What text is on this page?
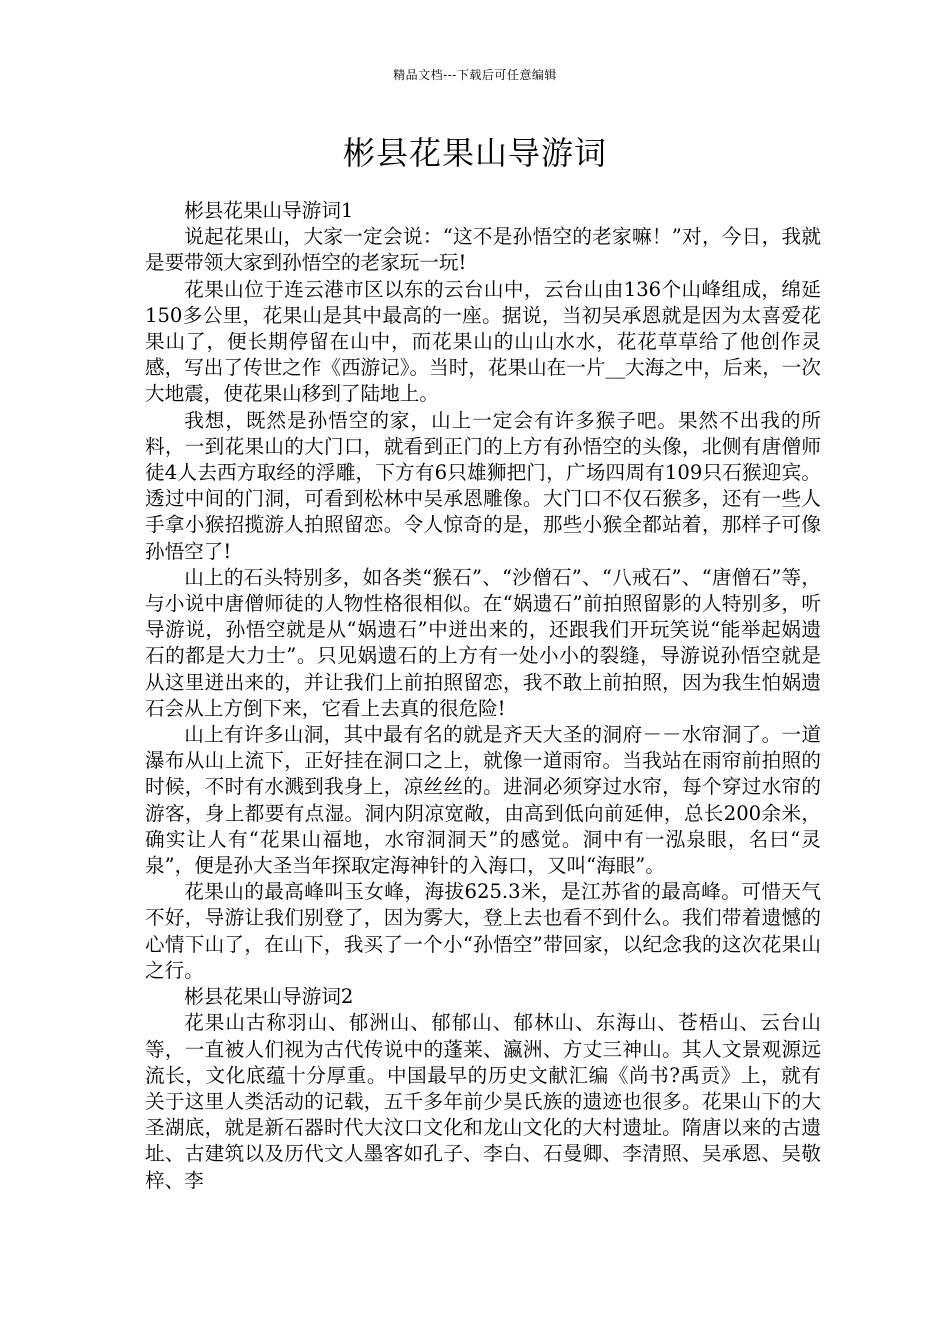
精品文档---下载后可任意编辑
彬县花果山导游词

彬县花果山导游词1

说起花果山，大家一定会说：“这不是孙悟空的老家嘛！”对，今日，我就是要带领大家到孙悟空的老家玩一玩!

花果山位于连云港市区以东的云台山中，云台山由136个山峰组成，绵延150多公里，花果山是其中最高的一座。据说，当初吴承恩就是因为太喜爱花果山了，便长期停留在山中，而花果山的山山水水，花花草草给了他创作灵感，写出了传世之作《西游记》。当时，花果山在一片__大海之中，后来，一次大地震，使花果山移到了陆地上。

我想，既然是孙悟空的家，山上一定会有许多猴子吧。果然不出我的所料，一到花果山的大门口，就看到正门的上方有孙悟空的头像，北侧有唐僧师徒4人去西方取经的浮雕，下方有6只雄狮把门，广场四周有109只石猴迎宾。透过中间的门洞，可看到松林中吴承恩雕像。大门口不仅石猴多，还有一些人手拿小猴招揽游人拍照留恋。令人惊奇的是，那些小猴全都站着，那样子可像孙悟空了!

山上的石头特别多，如各类“猴石”、“沙僧石”、“八戒石”、“唐僧石”等，与小说中唐僧师徒的人物性格很相似。在“娲遗石”前拍照留影的人特别多，听导游说，孙悟空就是从“娲遗石”中迸出来的，还跟我们开玩笑说“能举起娲遗石的都是大力士”。只见娲遗石的上方有一处小小的裂缝，导游说孙悟空就是从这里迸出来的，并让我们上前拍照留恋，我不敢上前拍照，因为我生怕娲遗石会从上方倒下来，它看上去真的很危险!

山上有许多山洞，其中最有名的就是齐天大圣的洞府－－水帘洞了。一道瀑布从山上流下，正好挂在洞口之上，就像一道雨帘。当我站在雨帘前拍照的时候，不时有水溅到我身上，凉丝丝的。进洞必须穿过水帘，每个穿过水帘的游客，身上都要有点湿。洞内阴凉宽敞，由高到低向前延伸，总长200余米，确实让人有“花果山福地，水帘洞洞天”的感觉。洞中有一泓泉眼，名曰“灵泉”，便是孙大圣当年探取定海神针的入海口，又叫“海眼”。

花果山的最高峰叫玉女峰，海拔625.3米，是江苏省的最高峰。可惜天气不好，导游让我们别登了，因为雾大，登上去也看不到什么。我们带着遗憾的心情下山了，在山下，我买了一个小“孙悟空”带回家，以纪念我的这次花果山之行。

彬县花果山导游词2

花果山古称羽山、郁洲山、郁郁山、郁林山、东海山、苍梧山、云台山等，一直被人们视为古代传说中的蓬莱、瀛洲、方丈三神山。其人文景观源远流长，文化底蕴十分厚重。中国最早的历史文献汇编《尚书?禹贡》上，就有关于这里人类活动的记载，五千多年前少昊氏族的遗迹也很多。花果山下的大圣湖底，就是新石器时代大汶口文化和龙山文化的大村遗址。隋唐以来的古遗址、古建筑以及历代文人墨客如孔子、李白、石曼卿、李清照、吴承恩、吴敬梓、李
